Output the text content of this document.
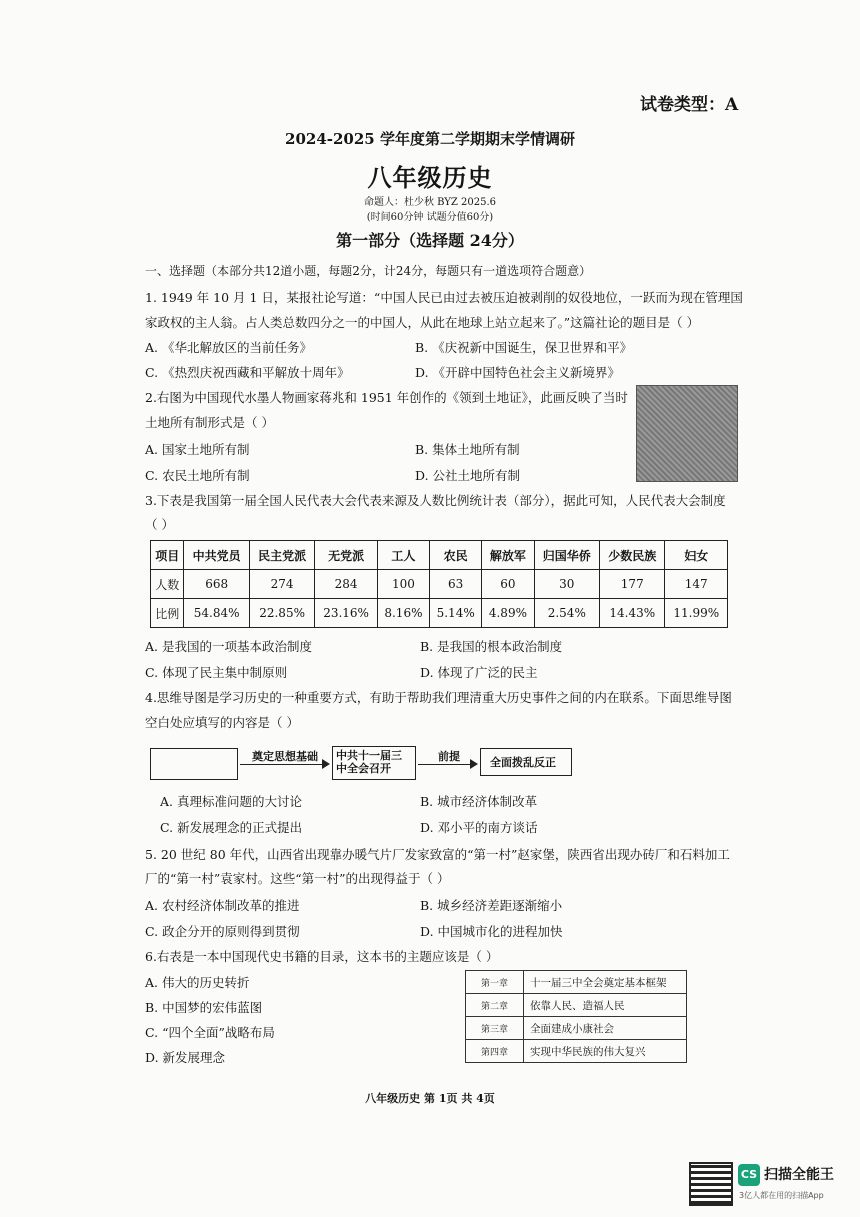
试卷类型：A
2024-2025 学年度第二学期期末学情调研
八年级历史
命题人：杜少秋 BYZ 2025.6
(时间60分钟 试题分值60分)
第一部分（选择题 24分）
一、选择题（本部分共12道小题，每题2分，计24分，每题只有一道选项符合题意）
1. 1949 年 10 月 1 日，某报社论写道：“中国人民已由过去被压迫被剥削的奴役地位，一跃而为现在管理国
家政权的主人翁。占人类总数四分之一的中国人，从此在地球上站立起来了。”这篇社论的题目是（ ）
A. 《华北解放区的当前任务》	B. 《庆祝新中国诞生，保卫世界和平》
C. 《热烈庆祝西藏和平解放十周年》	D. 《开辟中国特色社会主义新境界》
2.右图为中国现代水墨人物画家蒋兆和 1951 年创作的《领到土地证》，此画反映了当时
土地所有制形式是（ ）
A. 国家土地所有制	B. 集体土地所有制
C. 农民土地所有制	D. 公社土地所有制
3.下表是我国第一届全国人民代表大会代表来源及人数比例统计表（部分），据此可知，人民代表大会制度
（ ）
项目	中共党员	民主党派	无党派	工人	农民	解放军	归国华侨	少数民族	妇女
人数	668	274	284	100	63	60	30	177	147
比例	54.84%	22.85%	23.16%	8.16%	5.14%	4.89%	2.54%	14.43%	11.99%
A. 是我国的一项基本政治制度	B. 是我国的根本政治制度
C. 体现了民主集中制原则	D. 体现了广泛的民主
4.思维导图是学习历史的一种重要方式，有助于帮助我们理清重大历史事件之间的内在联系。下面思维导图
空白处应填写的内容是（ ）
奠定思想基础 中共十一届三中全会召开
前提	全面拨乱反正
A. 真理标准问题的大讨论	B. 城市经济体制改革
C. 新发展理念的正式提出	D. 邓小平的南方谈话
5. 20 世纪 80 年代，山西省出现靠办暖气片厂发家致富的“第一村”赵家堡，陕西省出现办砖厂和石料加工
厂的“第一村”袁家村。这些“第一村”的出现得益于（ ）
A. 农村经济体制改革的推进	B. 城乡经济差距逐渐缩小
C. 政企分开的原则得到贯彻	D. 中国城市化的进程加快
6.右表是一本中国现代史书籍的目录，这本书的主题应该是（ ）
A. 伟大的历史转折
B. 中国梦的宏伟蓝图
C. “四个全面”战略布局
D. 新发展理念
第一章	十一届三中全会奠定基本框架
第二章	依靠人民、造福人民
第三章	全面建成小康社会
第四章	实现中华民族的伟大复兴
八年级历史 第 1页 共 4页
CS 扫描全能王
3亿人都在用的扫描App
